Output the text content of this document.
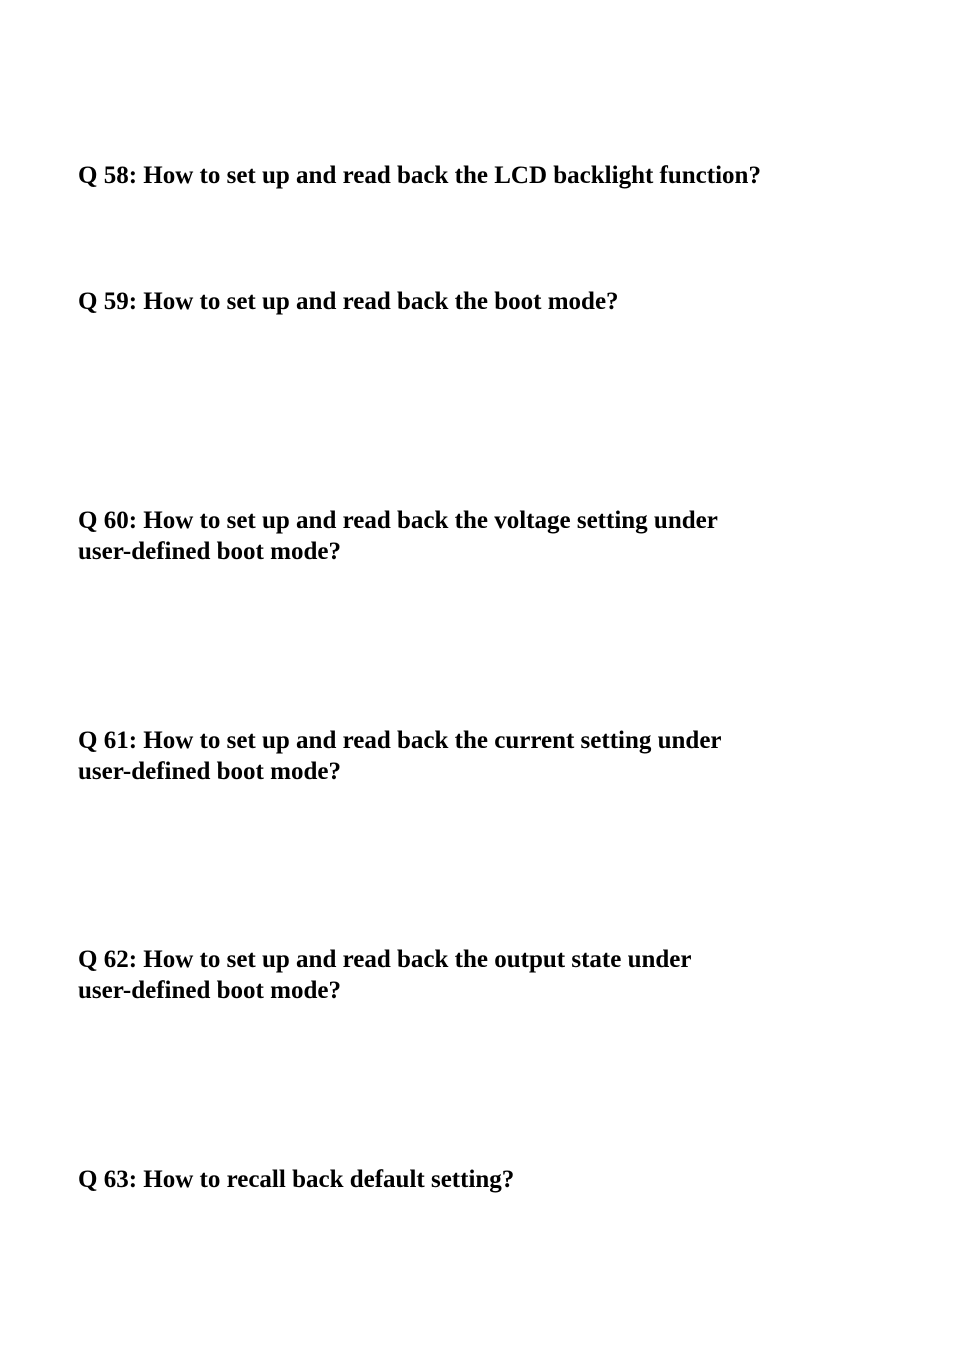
Q 58: How to set up and read back the LCD backlight function?
Q 59: How to set up and read back the boot mode?
Q 60: How to set up and read back the voltage setting under
user-defined boot mode?
Q 61: How to set up and read back the current setting under
user-defined boot mode?
Q 62: How to set up and read back the output state under
user-defined boot mode?
Q 63: How to recall back default setting?
